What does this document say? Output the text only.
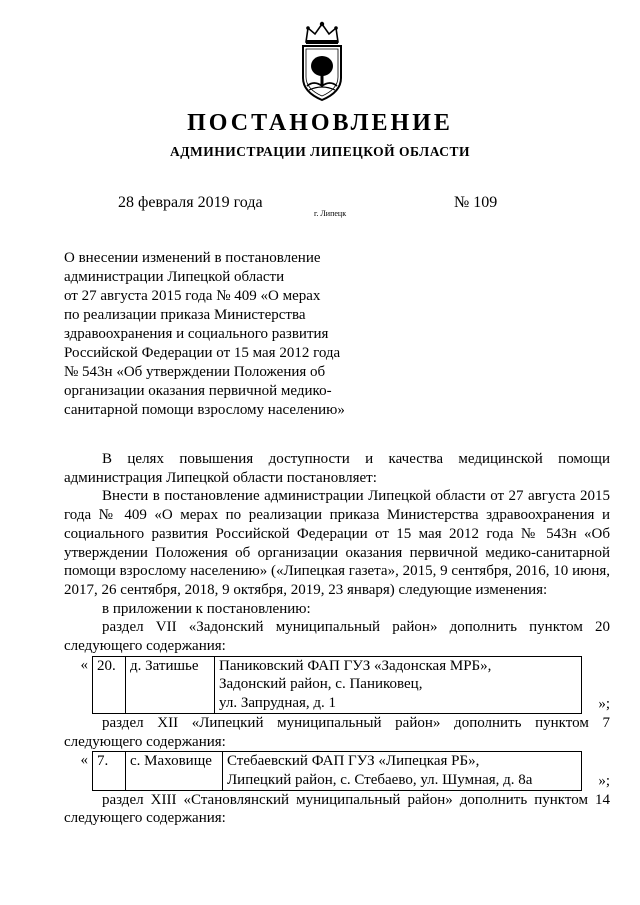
ПОСТАНОВЛЕНИЕ
АДМИНИСТРАЦИИ ЛИПЕЦКОЙ ОБЛАСТИ
28 февраля 2019 года
г. Липецк
№ 109
О внесении изменений в постановление
администрации Липецкой области
от 27 августа 2015 года № 409 «О мерах
по реализации приказа Министерства
здравоохранения и социального развития
Российской Федерации от 15 мая 2012 года
№ 543н «Об утверждении Положения об
организации оказания первичной медико-
санитарной помощи взрослому населению»

В целях повышения доступности и качества медицинской помощи

администрация Липецкой области постановляет:

Внести в постановление администрации Липецкой области от 27 августа 2015 года № 409 «О мерах по реализации приказа Министерства здравоохранения и социального развития Российской Федерации от 15 мая 2012 года № 543н «Об утверждении Положения об организации оказания первичной медико-санитарной помощи взрослому населению» («Липецкая газета», 2015, 9 сентября, 2016, 10 июня, 2017, 26 сентября, 2018, 9 октября, 2019, 23 января) следующие изменения:

в приложении к постановлению:

раздел VII «Задонский муниципальный район» дополнить пунктом 20 следующего содержания:

« 20.	д. Затишье	Паниковский ФАП ГУЗ «Задонская МРБ»,
Задонский район, с. Паниковец,
ул. Запрудная, д. 1	»;

раздел XII «Липецкий муниципальный район» дополнить пунктом 7 следующего содержания:

« 7.	с. Маховище	Стебаевский ФАП ГУЗ «Липецкая РБ»,
Липецкий район, с. Стебаево, ул. Шумная, д. 8а	»;

раздел XIII «Становлянский муниципальный район» дополнить пунктом 14 следующего содержания:
